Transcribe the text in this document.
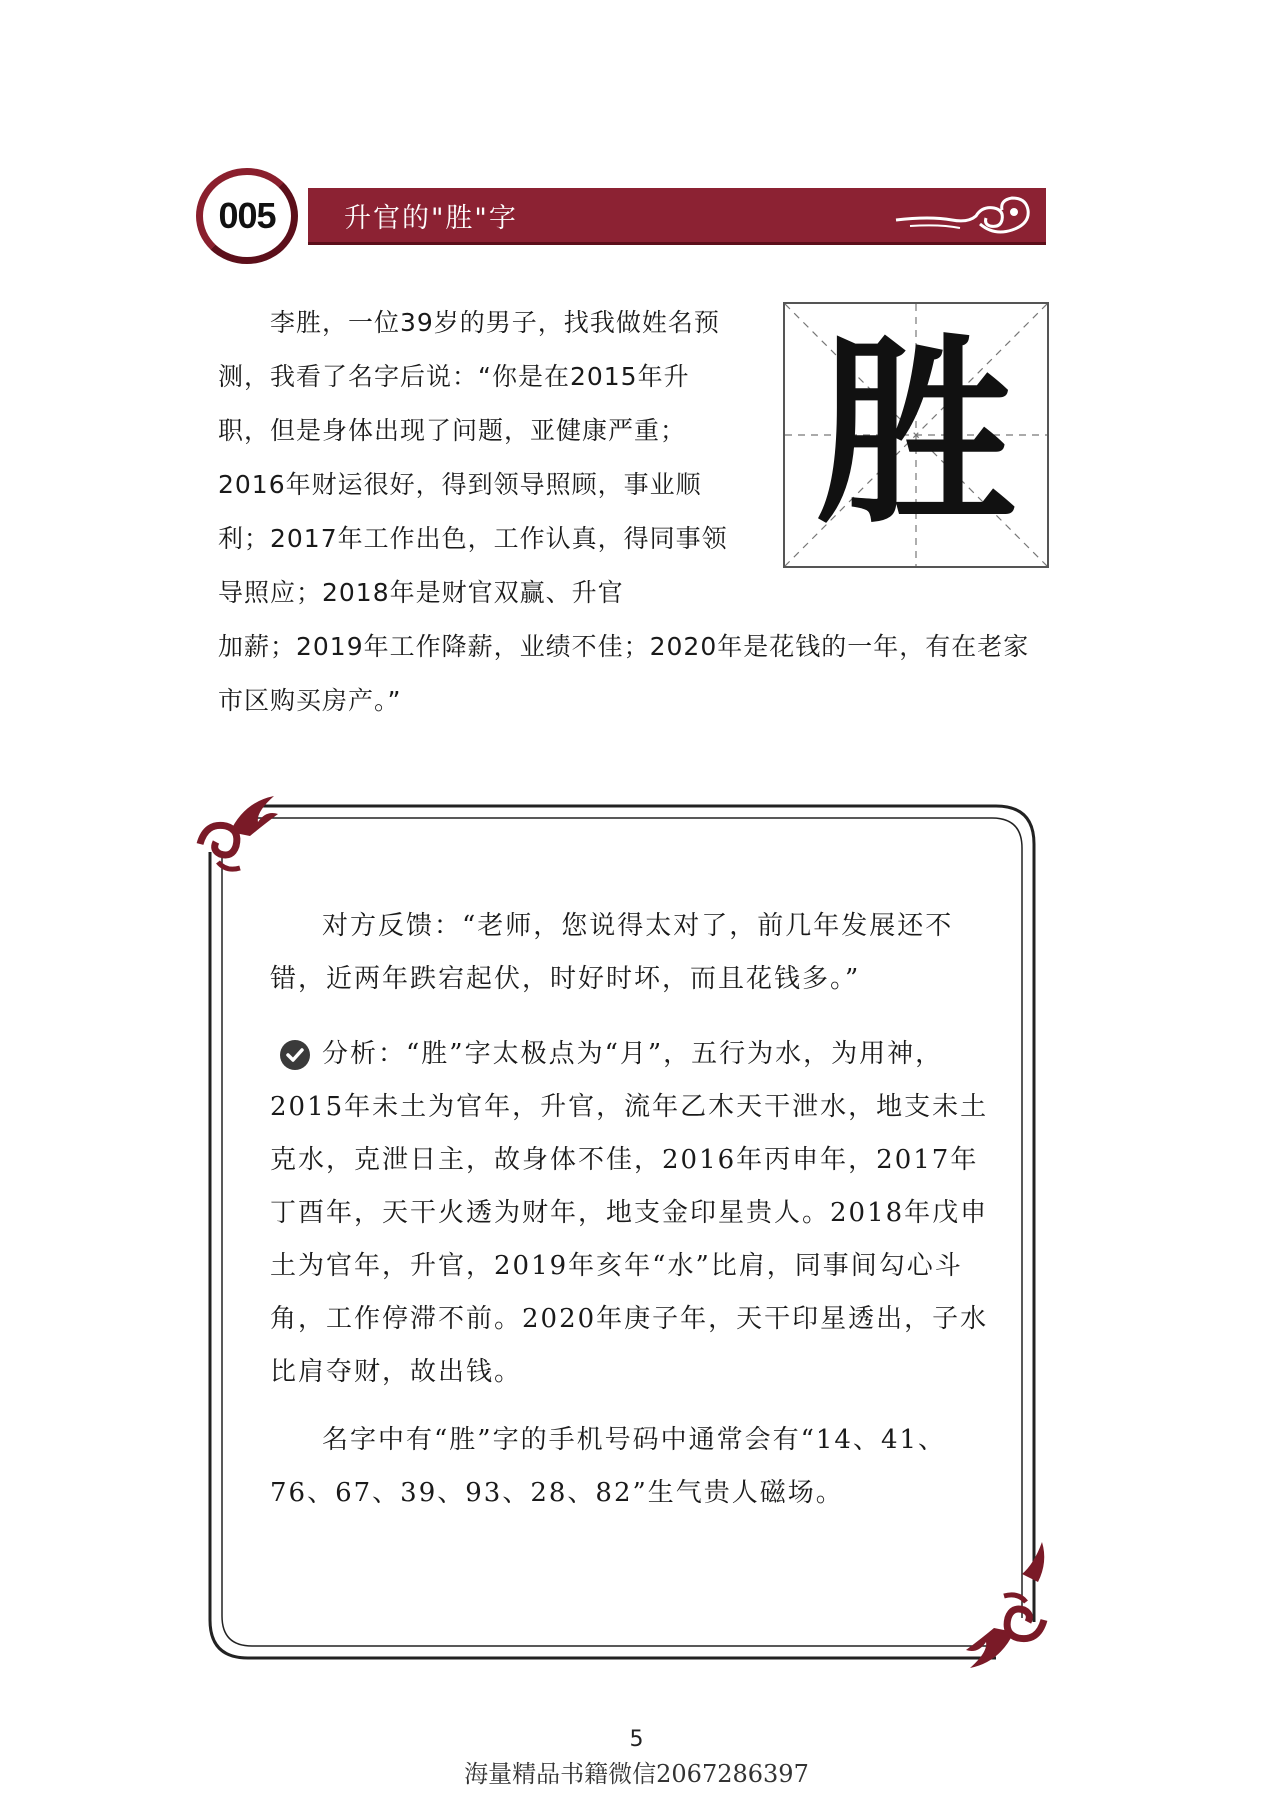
升官的"胜"字
005
李胜，一位39岁的男子，找我做姓名预测，我看了名字后说：“你是在2015年升职，但是身体出现了问题，亚健康严重；2016年财运很好，得到领导照顾，事业顺利；2017年工作出色，工作认真，得同事领导照应；2018年是财官双赢、升官
胜
加薪；2019年工作降薪，业绩不佳；2020年是花钱的一年，有在老家市区购买房产。”
对方反馈：“老师，您说得太对了，前几年发展还不错，近两年跌宕起伏，时好时坏，而且花钱多。”
分析：“胜”字太极点为“月”，五行为水，为用神，2015年未土为官年，升官，流年乙木天干泄水，地支未土克水，克泄日主，故身体不佳，2016年丙申年，2017年丁酉年，天干火透为财年，地支金印星贵人。2018年戊申土为官年，升官，2019年亥年“水”比肩，同事间勾心斗角，工作停滞不前。2020年庚子年，天干印星透出，子水比肩夺财，故出钱。
名字中有“胜”字的手机号码中通常会有“14、41、76、67、39、93、28、82”生气贵人磁场。
5
海量精品书籍微信2067286397
